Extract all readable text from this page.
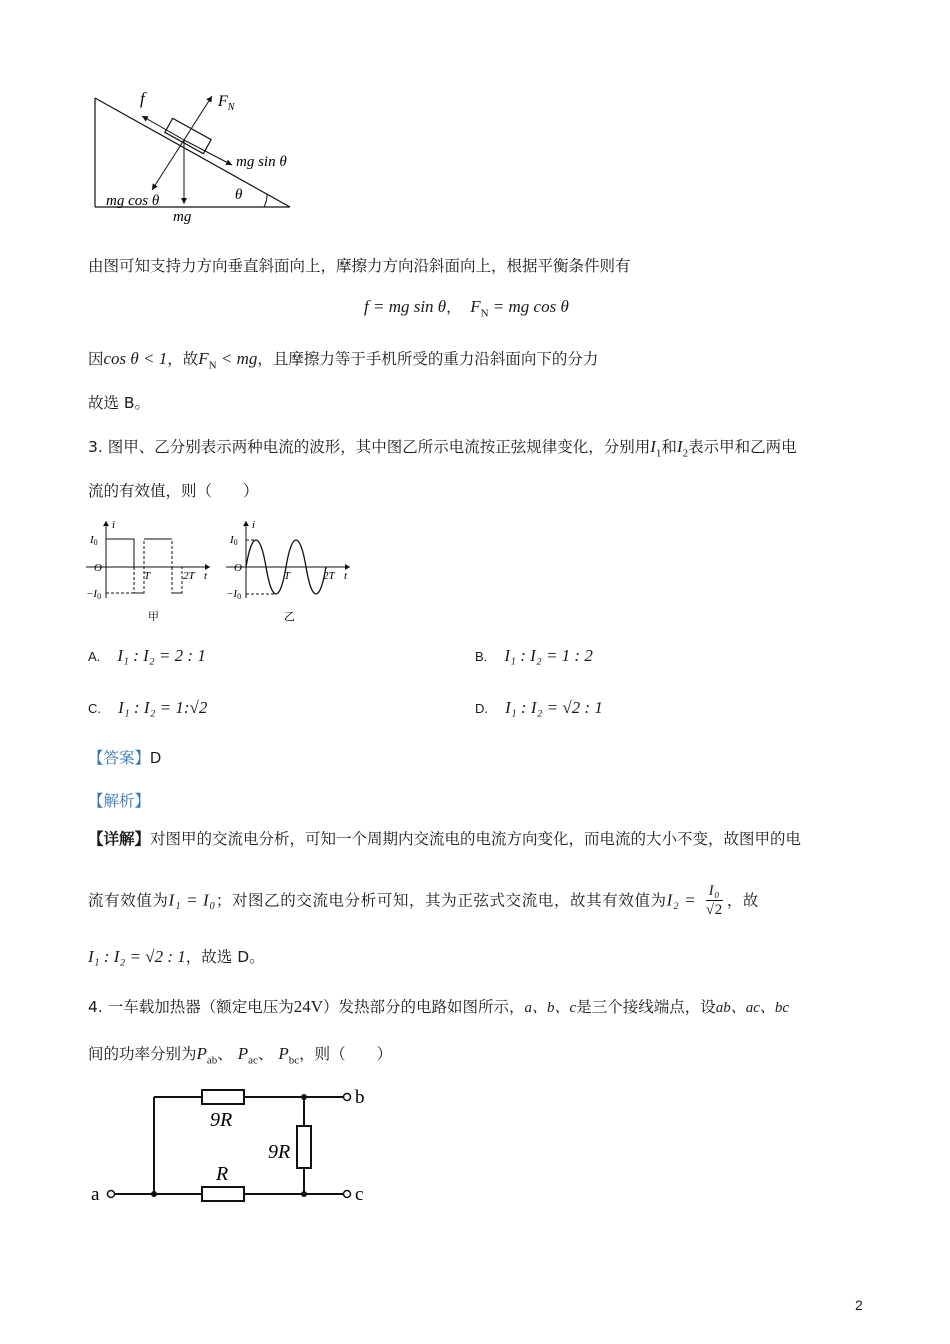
f	$F_N$
mg sin θ
mg cos θ
mg
θ
由图可知支持力方向垂直斜面向上，摩擦力方向沿斜面向上，根据平衡条件则有
f = mg sin θ， $F_N$ = mg cos θ
因cos θ < 1，故$F_N$ < mg，且摩擦力等于手机所受的重力沿斜面向下的分力
故选 B。
3. 图甲、乙分别表示两种电流的波形，其中图乙所示电流按正弦规律变化，分别用$I_1$和$I_2$表示甲和乙两电
流的有效值，则（　　）
i
I0
O
T	2T t
−I0
甲
i
I0
O
T	2T t
−I0
乙
A. I₁ : I₂ = 2 : 1	B. I₁ : I₂ = 1 : 2
C. I₁ : I₂ = 1:√2	D. I₁ : I₂ = √2 : 1
【答案】D
【解析】
【详解】对图甲的交流电分析，可知一个周期内交流电的电流方向变化，而电流的大小不变，故图甲的电
流有效值为I₁ = I₀；对图乙的交流电分析可知，其为正弦式交流电，故其有效值为$I_2 = \frac{\text{I₀}}{√2}$ ，故
I₁ : I₂ = √2 : 1，故选 D。
4. 一车载加热器（额定电压为24V）发热部分的电路如图所示，a、b、c是三个接线端点，设ab、ac、bc
间的功率分别为$P_{ab}$、 $P_{ac}$、 $P_{bc}$，则（　　）
9R
9R
R
a
b
c
2
